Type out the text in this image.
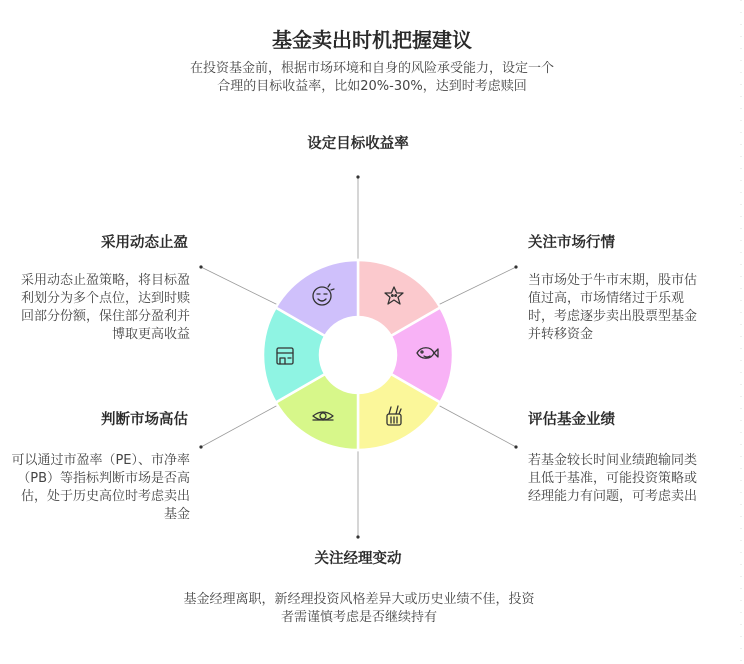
基金卖出时机把握建议
在投资基金前，根据市场环境和自身的风险承受能力，设定一个合理的目标收益率，比如20%-30%，达到时考虑赎回
设定目标收益率
关注市场行情
当市场处于牛市末期，股市估值过高，市场情绪过于乐观时，考虑逐步卖出股票型基金并转移资金
评估基金业绩
若基金较长时间业绩跑输同类且低于基准，可能投资策略或经理能力有问题，可考虑卖出
关注经理变动
基金经理离职，新经理投资风格差异大或历史业绩不佳，投资者需谨慎考虑是否继续持有
判断市场高估
可以通过市盈率（PE）、市净率（PB）等指标判断市场是否高估，处于历史高位时考虑卖出基金
采用动态止盈
采用动态止盈策略，将目标盈利划分为多个点位，达到时赎回部分份额，保住部分盈利并博取更高收益
